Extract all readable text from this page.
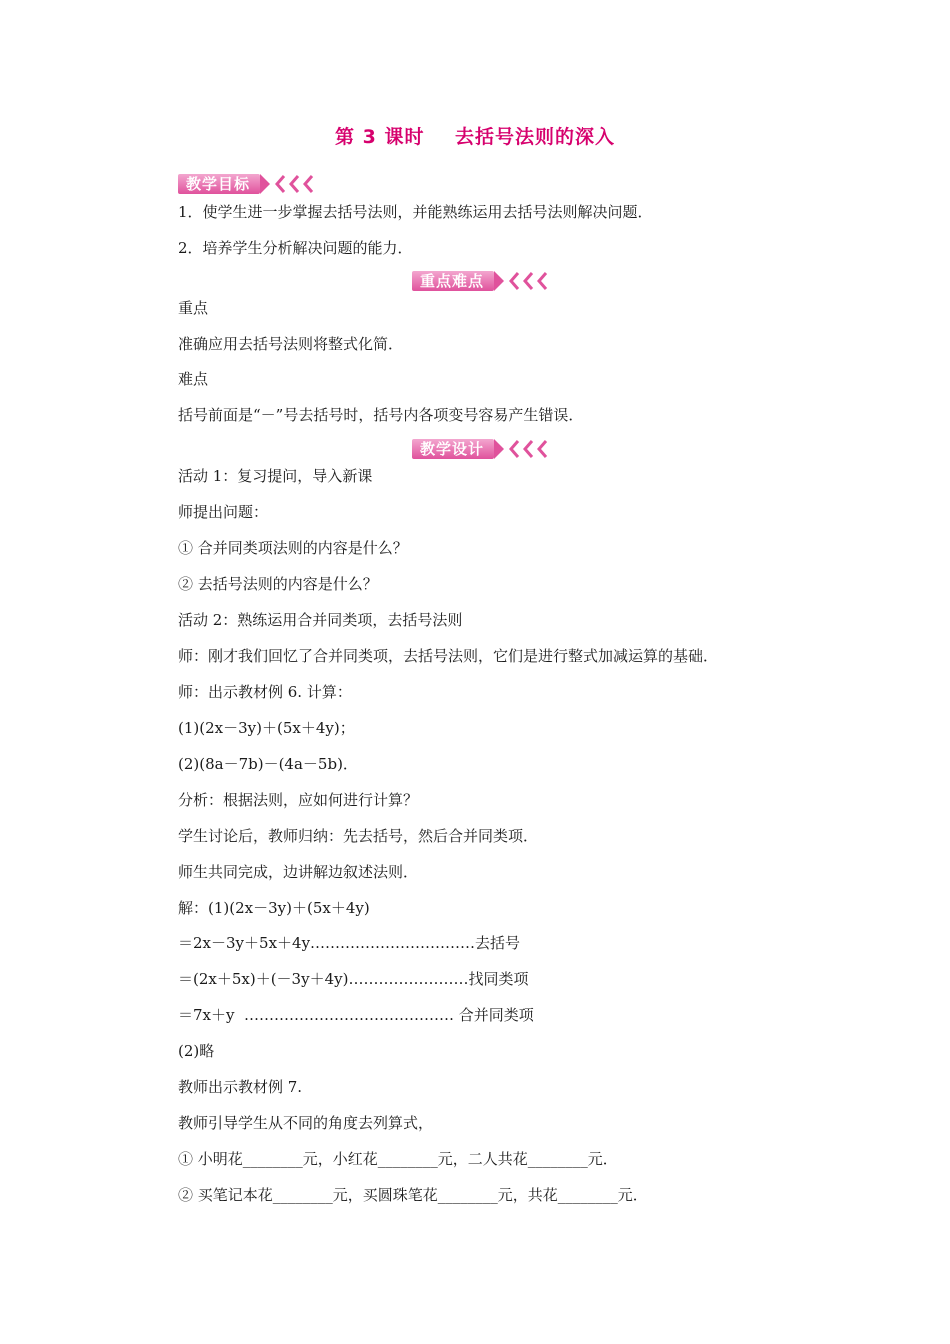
第 3 课时    去括号法则的深入
教学目标
1．使学生进一步掌握去括号法则，并能熟练运用去括号法则解决问题．
2．培养学生分析解决问题的能力．
重点难点
重点
准确应用去括号法则将整式化简．
难点
括号前面是“－”号去括号时，括号内各项变号容易产生错误．
教学设计
活动 1：复习提问，导入新课
师提出问题：
① 合并同类项法则的内容是什么？
② 去括号法则的内容是什么？
活动 2：熟练运用合并同类项，去括号法则
师：刚才我们回忆了合并同类项，去括号法则，它们是进行整式加减运算的基础．
师：出示教材例 6. 计算：
(1)(2x－3y)＋(5x＋4y)；
(2)(8a－7b)－(4a－5b)．
分析：根据法则，应如何进行计算？
学生讨论后，教师归纳：先去括号，然后合并同类项．
师生共同完成，边讲解边叙述法则．
解：(1)(2x－3y)＋(5x＋4y)
＝2x－3y＋5x＋4y……………………………去括号
＝(2x＋5x)＋(－3y＋4y)……………………找同类项
＝7x＋y  …………………………………… 合并同类项
(2)略
教师出示教材例 7.
教师引导学生从不同的角度去列算式，
① 小明花________元，小红花________元，二人共花________元．
② 买笔记本花________元，买圆珠笔花________元，共花________元．
